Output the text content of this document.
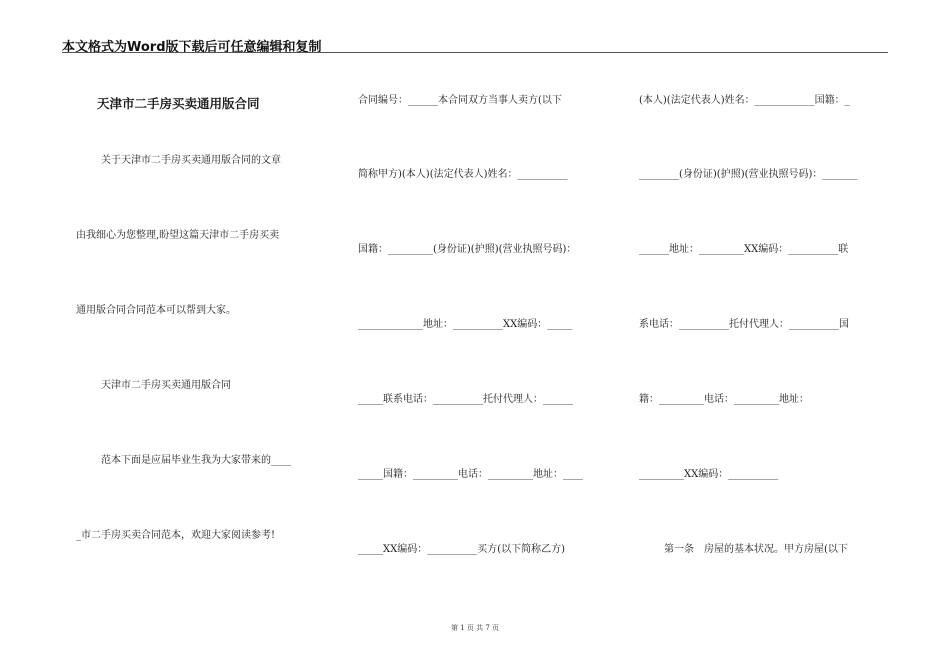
本文格式为Word版下载后可任意编辑和复制
天津市二手房买卖通用版合同
关于天津市二手房买卖通用版合同的文章
由我细心为您整理,盼望这篇天津市二手房买卖
通用版合同合同范本可以帮到大家。
天津市二手房买卖通用版合同
范本下面是应届毕业生我为大家带来的____
_市二手房买卖合同范本，欢迎大家阅读参考!
合同编号：______本合同双方当事人卖方(以下
简称甲方)(本人)(法定代表人)姓名：__________
国籍：_________(身份证)(护照)(营业执照号码)：
_____________地址：__________XX编码：_____
_____联系电话：__________托付代理人：______
_____国籍：_________电话：_________地址：____
_____XX编码：__________买方(以下简称乙方)
(本人)(法定代表人)姓名：____________国籍：_
________(身份证)(护照)(营业执照号码)：_______
______地址：_________XX编码：__________联
系电话：__________托付代理人：__________国
籍：_________电话：_________地址：
_________XX编码：__________
第一条　房屋的基本状况。甲方房屋(以下
第 1 页 共 7 页
